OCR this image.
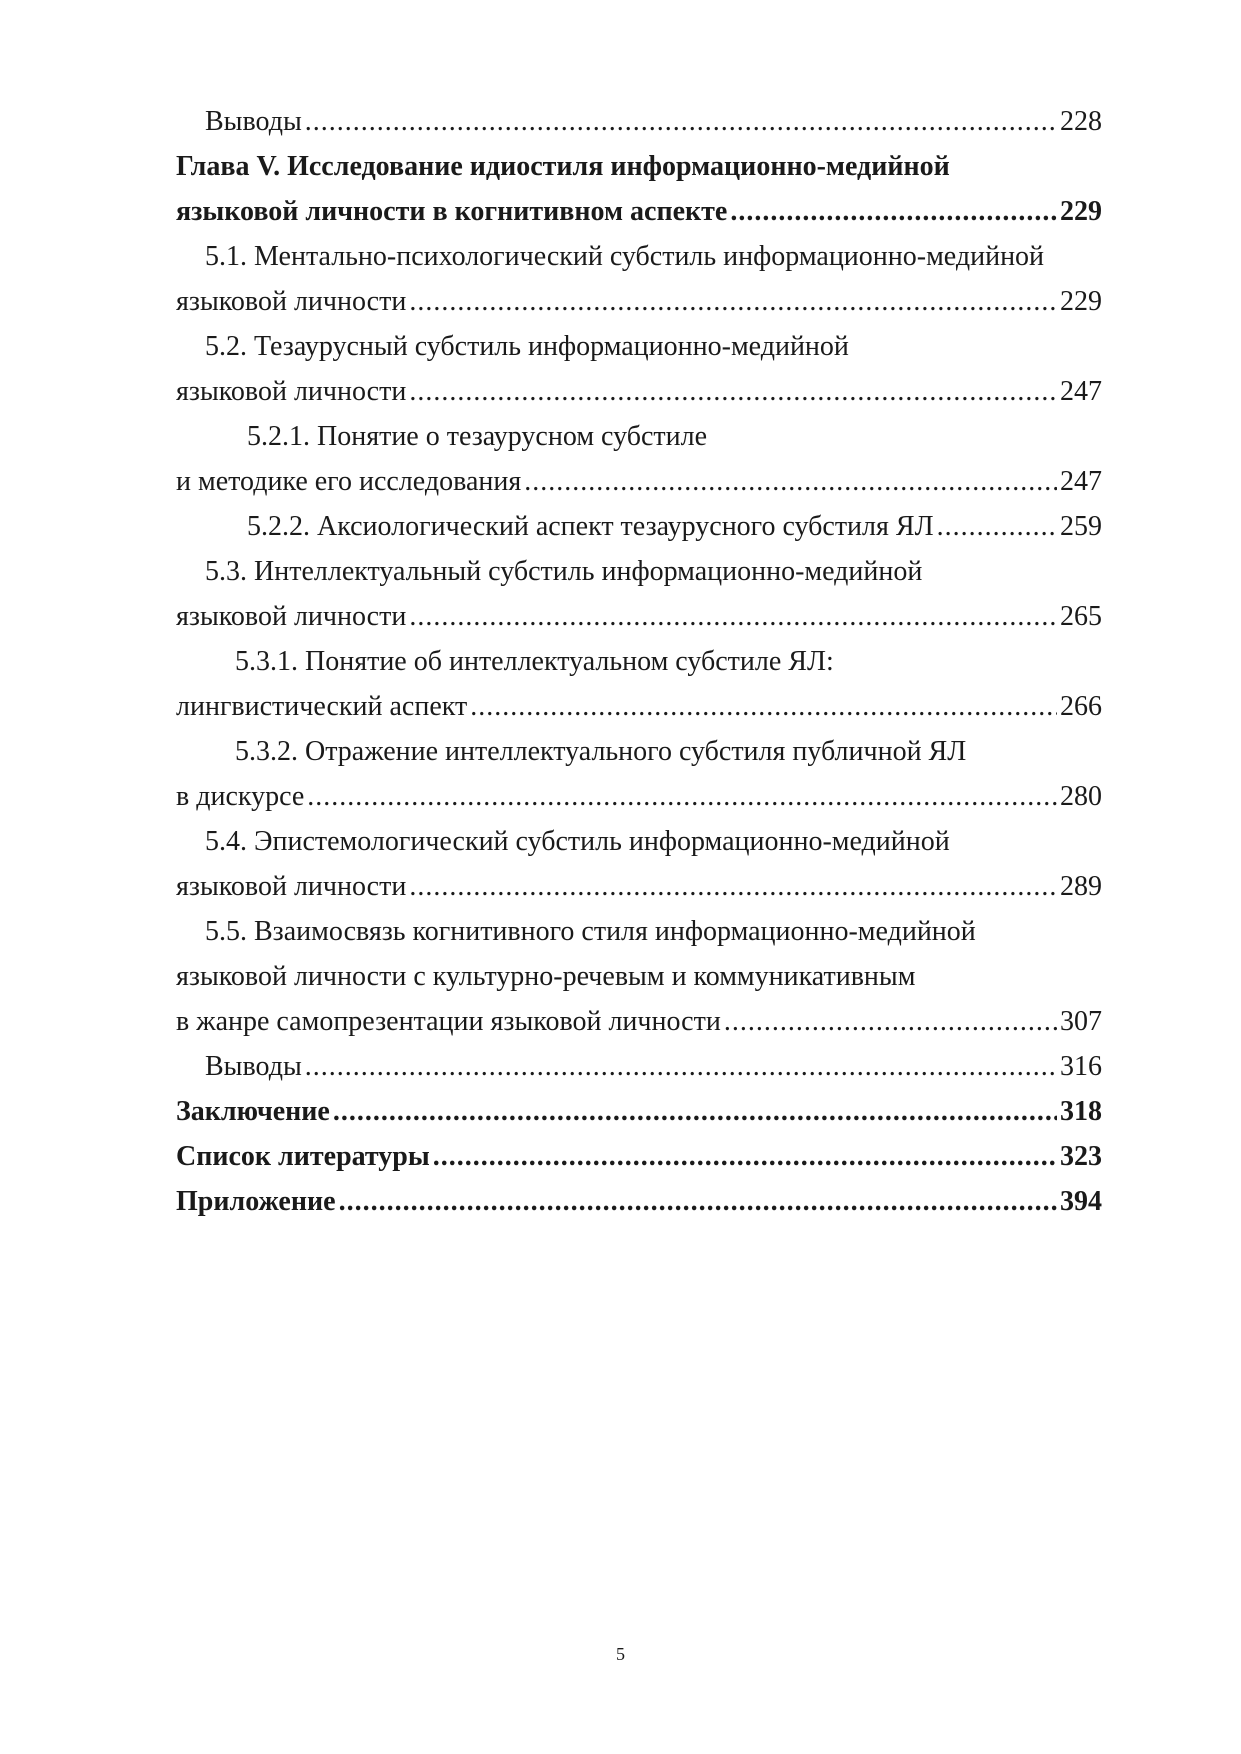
Выводы .....	228
Глава V. Исследование идиостиля информационно-медийной
языковой личности в когнитивном аспекте .....	229
5.1. Ментально-психологический субстиль информационно-медийной
языковой личности .....	229
5.2. Тезаурусный субстиль информационно-медийной
языковой личности .....	247
5.2.1. Понятие о тезаурусном субстиле
и методике его исследования .....	247
5.2.2. Аксиологический аспект тезаурусного субстиля ЯЛ .....	259
5.3. Интеллектуальный субстиль информационно-медийной
языковой личности .....	265
5.3.1. Понятие об интеллектуальном субстиле ЯЛ:
лингвистический аспект .....	266
5.3.2. Отражение интеллектуального субстиля публичной ЯЛ
в дискурсе .....	280
5.4. Эпистемологический субстиль информационно-медийной
языковой личности .....	289
5.5. Взаимосвязь когнитивного стиля информационно-медийной
языковой личности с культурно-речевым и коммуникативным
в жанре самопрезентации языковой личности .....	307
Выводы .....	316
Заключение .....	318
Список литературы .....	323
Приложение .....	394
5
